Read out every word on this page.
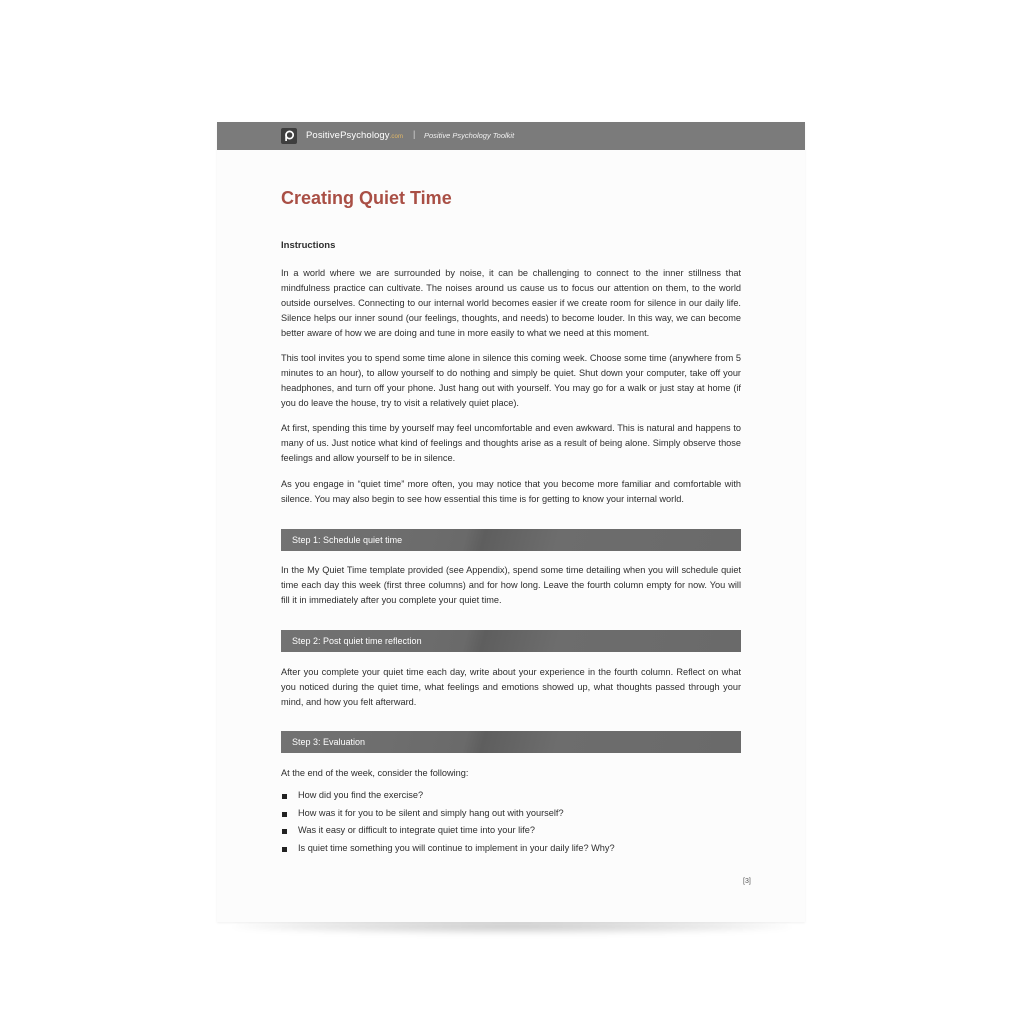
PositivePsychology.com | Positive Psychology Toolkit
Creating Quiet Time
Instructions

In a world where we are surrounded by noise, it can be challenging to connect to the inner stillness that mindfulness practice can cultivate. The noises around us cause us to focus our attention on them, to the world outside ourselves. Connecting to our internal world becomes easier if we create room for silence in our daily life. Silence helps our inner sound (our feelings, thoughts, and needs) to become louder. In this way, we can become better aware of how we are doing and tune in more easily to what we need at this moment.

This tool invites you to spend some time alone in silence this coming week. Choose some time (anywhere from 5 minutes to an hour), to allow yourself to do nothing and simply be quiet. Shut down your computer, take off your headphones, and turn off your phone. Just hang out with yourself. You may go for a walk or just stay at home (if you do leave the house, try to visit a relatively quiet place).

At first, spending this time by yourself may feel uncomfortable and even awkward. This is natural and happens to many of us. Just notice what kind of feelings and thoughts arise as a result of being alone. Simply observe those feelings and allow yourself to be in silence.

As you engage in “quiet time” more often, you may notice that you become more familiar and comfortable with silence. You may also begin to see how essential this time is for getting to know your internal world.

Step 1: Schedule quiet time

In the My Quiet Time template provided (see Appendix), spend some time detailing when you will schedule quiet time each day this week (first three columns) and for how long. Leave the fourth column empty for now. You will fill it in immediately after you complete your quiet time.

Step 2: Post quiet time reflection

After you complete your quiet time each day, write about your experience in the fourth column. Reflect on what you noticed during the quiet time, what feelings and emotions showed up, what thoughts passed through your mind, and how you felt afterward.

Step 3: Evaluation

At the end of the week, consider the following:

How did you find the exercise?
How was it for you to be silent and simply hang out with yourself?
Was it easy or difficult to integrate quiet time into your life?
Is quiet time something you will continue to implement in your daily life? Why?
[3]
